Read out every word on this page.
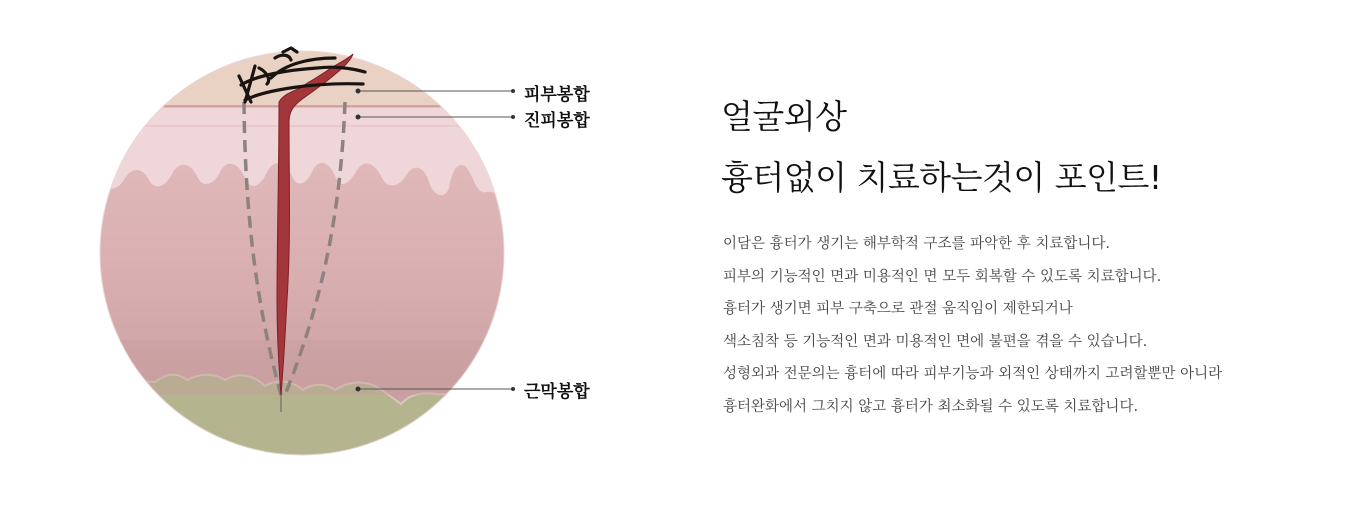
피부봉합
진피봉합
근막봉합
얼굴외상
흉터없이 치료하는것이 포인트!
이담은 흉터가 생기는 해부학적 구조를 파악한 후 치료합니다.
피부의 기능적인 면과 미용적인 면 모두 회복할 수 있도록 치료합니다.
흉터가 생기면 피부 구축으로 관절 움직임이 제한되거나
색소침착 등 기능적인 면과 미용적인 면에 불편을 겪을 수 있습니다.
성형외과 전문의는 흉터에 따라 피부기능과 외적인 상태까지 고려할뿐만 아니라
흉터완화에서 그치지 않고 흉터가 최소화될 수 있도록 치료합니다.
